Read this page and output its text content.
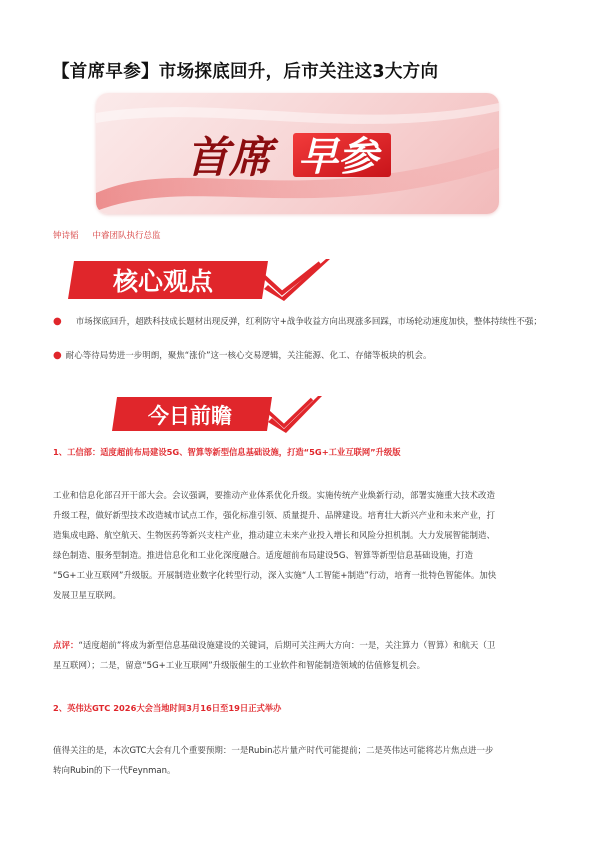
【首席早参】市场探底回升，后市关注这3大方向
首席 早参
钟诗韬 中睿团队执行总监
核心观点
● 市场探底回升，超跌科技成长题材出现反弹，红利防守+战争收益方向出现涨多回踩，市场轮动速度加快，整体持续性不强；
● 耐心等待局势进一步明朗，聚焦“涨价”这一核心交易逻辑，关注能源、化工、存储等板块的机会。
今日前瞻
1、工信部：适度超前布局建设5G、智算等新型信息基础设施，打造“5G+工业互联网”升级版
工业和信息化部召开干部大会。会议强调，要推动产业体系优化升级。实施传统产业焕新行动，部署实施重大技术改造
升级工程，做好新型技术改造城市试点工作，强化标准引领、质量提升、品牌建设。培育壮大新兴产业和未来产业，打
造集成电路、航空航天、生物医药等新兴支柱产业，推动建立未来产业投入增长和风险分担机制。大力发展智能制造、
绿色制造、服务型制造。推进信息化和工业化深度融合。适度超前布局建设5G、智算等新型信息基础设施，打造
“5G+工业互联网”升级版。开展制造业数字化转型行动，深入实施“人工智能+制造”行动，培育一批特色智能体。加快
发展卫星互联网。
点评：“适度超前”将成为新型信息基础设施建设的关键词，后期可关注两大方向：一是，关注算力（智算）和航天（卫
星互联网）；二是，留意“5G+工业互联网”升级版催生的工业软件和智能制造领域的估值修复机会。
2、英伟达GTC 2026大会当地时间3月16日至19日正式举办
值得关注的是，本次GTC大会有几个重要预期：一是Rubin芯片量产时代可能提前；二是英伟达可能将芯片焦点进一步
转向Rubin的下一代Feynman。
